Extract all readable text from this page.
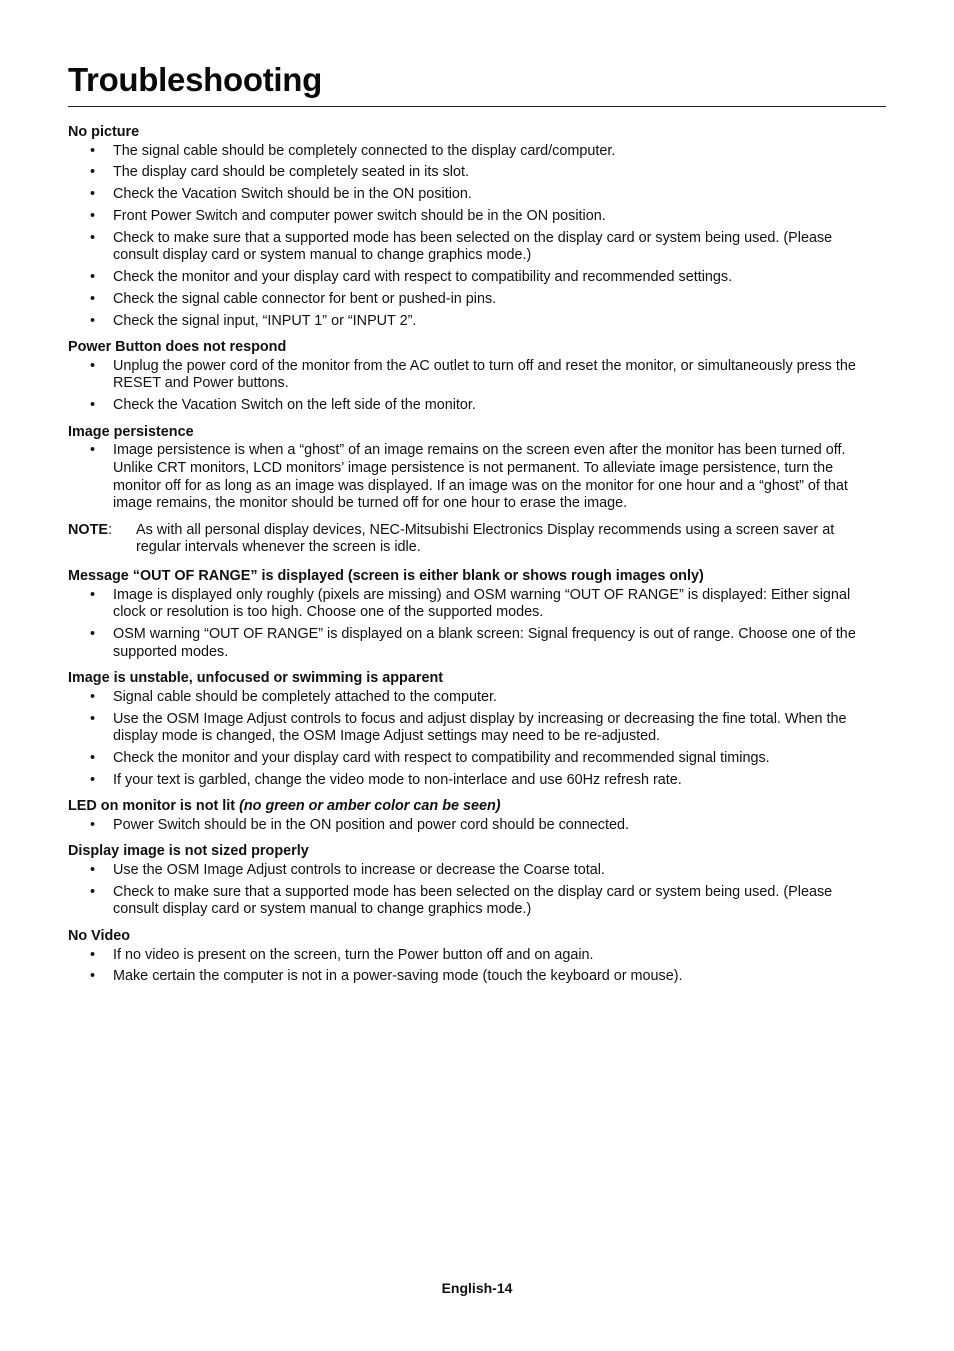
Troubleshooting
No picture
• The signal cable should be completely connected to the display card/computer.
• The display card should be completely seated in its slot.
• Check the Vacation Switch should be in the ON position.
• Front Power Switch and computer power switch should be in the ON position.
• Check to make sure that a supported mode has been selected on the display card or system being used. (Please consult display card or system manual to change graphics mode.)
• Check the monitor and your display card with respect to compatibility and recommended settings.
• Check the signal cable connector for bent or pushed-in pins.
• Check the signal input, “INPUT 1” or “INPUT 2”.
Power Button does not respond
• Unplug the power cord of the monitor from the AC outlet to turn off and reset the monitor, or simultaneously press the RESET and Power buttons.
• Check the Vacation Switch on the left side of the monitor.
Image persistence
• Image persistence is when a “ghost” of an image remains on the screen even after the monitor has been turned off. Unlike CRT monitors, LCD monitors’ image persistence is not permanent. To alleviate image persistence, turn the monitor off for as long as an image was displayed. If an image was on the monitor for one hour and a “ghost” of that image remains, the monitor should be turned off for one hour to erase the image.
NOTE:	As with all personal display devices, NEC-Mitsubishi Electronics Display recommends using a screen saver at regular intervals whenever the screen is idle.
Message “OUT OF RANGE” is displayed (screen is either blank or shows rough images only)
• Image is displayed only roughly (pixels are missing) and OSM warning “OUT OF RANGE” is displayed: Either signal clock or resolution is too high. Choose one of the supported modes.
• OSM warning “OUT OF RANGE” is displayed on a blank screen: Signal frequency is out of range. Choose one of the supported modes.
Image is unstable, unfocused or swimming is apparent
• Signal cable should be completely attached to the computer.
• Use the OSM Image Adjust controls to focus and adjust display by increasing or decreasing the fine total. When the display mode is changed, the OSM Image Adjust settings may need to be re-adjusted.
• Check the monitor and your display card with respect to compatibility and recommended signal timings.
• If your text is garbled, change the video mode to non-interlace and use 60Hz refresh rate.
LED on monitor is not lit (no green or amber color can be seen)
• Power Switch should be in the ON position and power cord should be connected.
Display image is not sized properly
• Use the OSM Image Adjust controls to increase or decrease the Coarse total.
• Check to make sure that a supported mode has been selected on the display card or system being used. (Please consult display card or system manual to change graphics mode.)
No Video
• If no video is present on the screen, turn the Power button off and on again.
• Make certain the computer is not in a power-saving mode (touch the keyboard or mouse).
English-14
